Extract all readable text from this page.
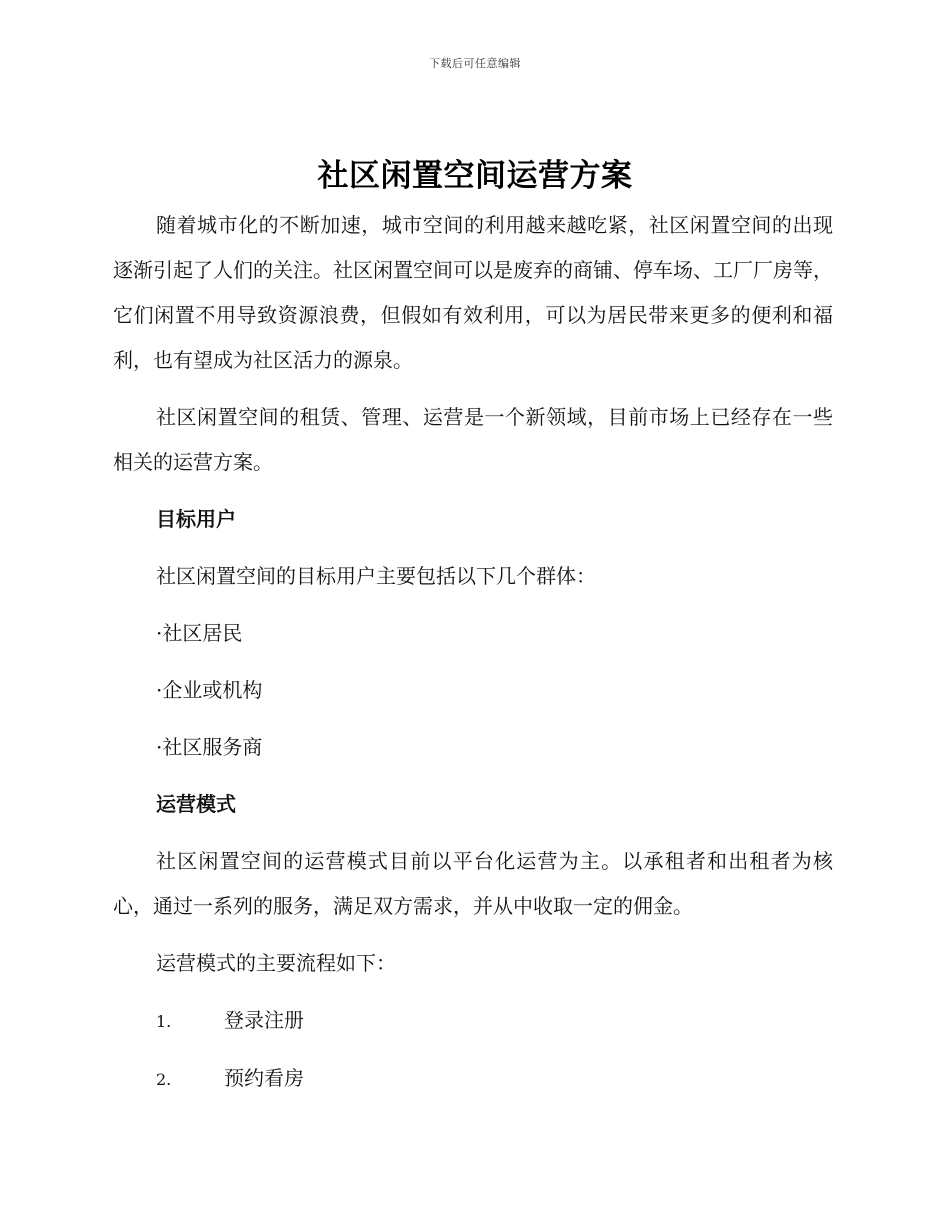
下载后可任意编辑
社区闲置空间运营方案

随着城市化的不断加速，城市空间的利用越来越吃紧，社区闲置空间的出现逐渐引起了人们的关注。社区闲置空间可以是废弃的商铺、停车场、工厂厂房等，它们闲置不用导致资源浪费，但假如有效利用，可以为居民带来更多的便利和福利，也有望成为社区活力的源泉。

社区闲置空间的租赁、管理、运营是一个新领域，目前市场上已经存在一些相关的运营方案。

目标用户
社区闲置空间的目标用户主要包括以下几个群体：
·社区居民
·企业或机构
·社区服务商
运营模式

社区闲置空间的运营模式目前以平台化运营为主。以承租者和出租者为核心，通过一系列的服务，满足双方需求，并从中收取一定的佣金。

运营模式的主要流程如下：
1.	登录注册
2.	预约看房
